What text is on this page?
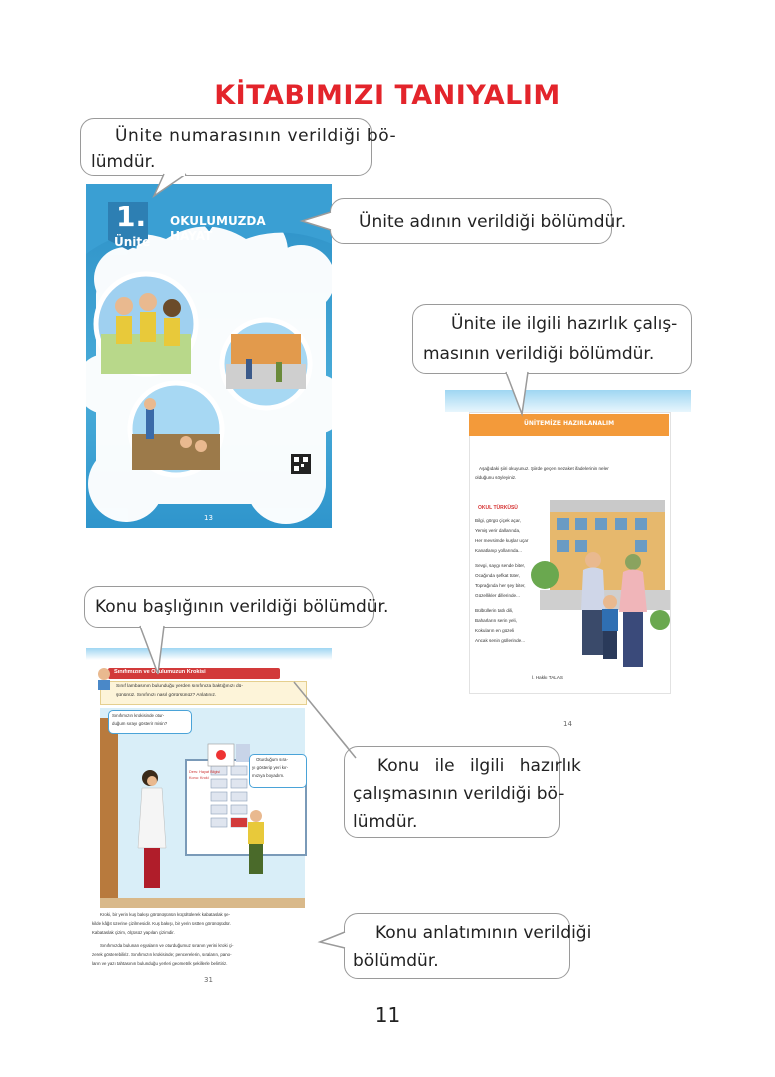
KİTABIMIZI TANIYALIM
1.
Ünite
OKULUMUZDA
HAYAT
13
ÜNİTEMİZE HAZIRLANALIM
Aşağıdaki şiiri okuyunuz. Şiirde geçen nezaket ifadelerinin neler
olduğunu söyleyiniz.
OKUL TÜRKÜSÜ
Bilgi, görgü çiçek açar,
Yemiş verir dallarında,
Her mevsimde kuşlar uçar
Kanatlanıp yollarında...
Sevgi, saygı sende biter,
Ocağında şefkat tüter,
Toprağında her şey biter,
Güzellikler dillerinde...
Bülbüllerin tatlı dili,
Baharların serin yeli,
Kokuların en güzeli
Ancak senin güllerinde...
İ. Hakkı TALAS
14
Sınıfımızın ve Okulumuzun Krokisi
Sınıf lambasının bulunduğu yerden sınıfınıza baktığınızı dü-
şününüz. Sınıfınızı nasıl görürsünüz? Anlatınız.
Sınıfımızın krokisinde otur-
duğum sırayı gösterir misin?
Ders: Hayat Bilgisi
Konu: Kroki
Oturduğum sıra-
yı gösterip yeri kır-
mızıya boyadım.
Kroki, bir yerin kuş bakışı görünüşünün küçültülerek kabataslak şe-
kilde kâğıt üzerine çizilmesidir. Kuş bakışı, bir yerin üstten görünüşüdür.
Kabataslak çizim, ölçüsüz yapılan çizimdir.
Sınıfımızda bulunan eşyaların ve oturduğumuz sıranın yerini kroki çi-
zerek gösterebiliriz. Sınıfımızın krokisinde; pencerelerin, sıraların, pano-
ların ve yazı tahtasının bulunduğu yerleri geometrik şekillerle belirtiriz.
31
Ünite numarasının verildiği bö-
lümdür.
Ünite adının verildiği bölümdür.
Ünite ile ilgili hazırlık çalış-
masının verildiği bölümdür.
Konu başlığının verildiği bölümdür.
Konu ile ilgili hazırlık
çalışmasının verildiği bö-
lümdür.
Konu anlatımının verildiği
bölümdür.
11
